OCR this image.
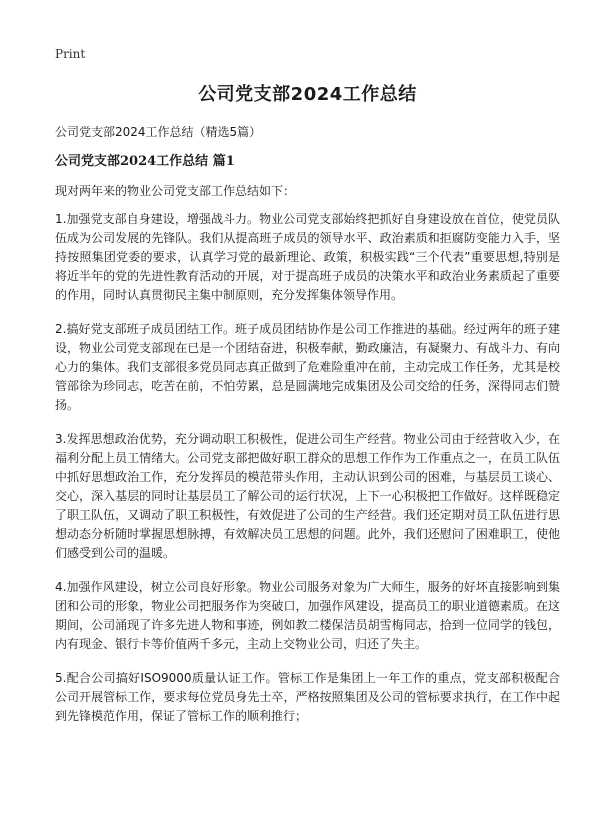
Print
公司党支部2024工作总结
公司党支部2024工作总结（精选5篇）
公司党支部2024工作总结 篇1
现对两年来的物业公司党支部工作总结如下：

1.加强党支部自身建设，增强战斗力。物业公司党支部始终把抓好自身建设放在首位，使党员队伍成为公司发展的先锋队。我们从提高班子成员的领导水平、政治素质和拒腐防变能力入手，坚持按照集团党委的要求，认真学习党的最新理论、政策，积极实践“三个代表”重要思想,特别是将近半年的党的先进性教育活动的开展，对于提高班子成员的决策水平和政治业务素质起了重要的作用，同时认真贯彻民主集中制原则，充分发挥集体领导作用。

2.搞好党支部班子成员团结工作。班子成员团结协作是公司工作推进的基础。经过两年的班子建设，物业公司党支部现在已是一个团结奋进，积极奉献，勤政廉洁，有凝聚力、有战斗力、有向心力的集体。我们支部很多党员同志真正做到了危难险重冲在前，主动完成工作任务，尤其是校管部徐为珍同志，吃苦在前，不怕劳累，总是圆满地完成集团及公司交给的任务，深得同志们赞扬。

3.发挥思想政治优势，充分调动职工积极性，促进公司生产经营。物业公司由于经营收入少，在福利分配上员工情绪大。公司党支部把做好职工群众的思想工作作为工作重点之一，在员工队伍中抓好思想政治工作，充分发挥员的模范带头作用，主动认识到公司的困难，与基层员工谈心、交心，深入基层的同时让基层员工了解公司的运行状况，上下一心积极把工作做好。这样既稳定了职工队伍，又调动了职工积极性，有效促进了公司的生产经营。我们还定期对员工队伍进行思想动态分析随时掌握思想脉搏，有效解决员工思想的问题。此外，我们还慰问了困难职工，使他们感受到公司的温暖。

4.加强作风建设，树立公司良好形象。物业公司服务对象为广大师生，服务的好坏直接影响到集团和公司的形象，物业公司把服务作为突破口，加强作风建设，提高员工的职业道德素质。在这期间，公司涌现了许多先进人物和事迹，例如教二楼保洁员胡雪梅同志，拾到一位同学的钱包，内有现金、银行卡等价值两千多元，主动上交物业公司，归还了失主。

5.配合公司搞好ISO9000质量认证工作。管标工作是集团上一年工作的重点，党支部积极配合公司开展管标工作，要求每位党员身先士卒，严格按照集团及公司的管标要求执行，在工作中起到先锋模范作用，保证了管标工作的顺利推行；
